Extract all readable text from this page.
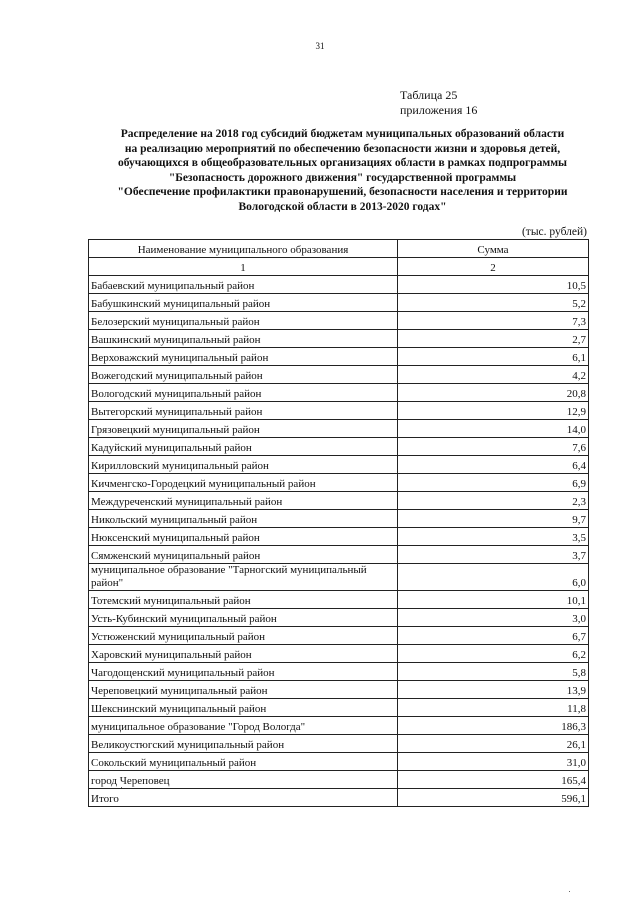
31
Таблица 25
приложения 16
Распределение на 2018 год субсидий бюджетам муниципальных образований области
на реализацию мероприятий по обеспечению безопасности жизни и здоровья детей,
обучающихся в общеобразовательных организациях области в рамках подпрограммы
"Безопасность дорожного движения" государственной программы
"Обеспечение профилактики правонарушений, безопасности населения и территории
Вологодской области в 2013-2020 годах"
(тыс. рублей)
Наименование муниципального образования	Сумма
1	2
Бабаевский муниципальный район	10,5
Бабушкинский муниципальный район	5,2
Белозерский муниципальный район	7,3
Вашкинский муниципальный район	2,7
Верховажский муниципальный район	6,1
Вожегодский муниципальный район	4,2
Вологодский муниципальный район	20,8
Вытегорский муниципальный район	12,9
Грязовецкий муниципальный район	14,0
Кадуйский муниципальный район	7,6
Кирилловский муниципальный район	6,4
Кичменгско-Городецкий муниципальный район	6,9
Междуреченский муниципальный район	2,3
Никольский муниципальный район	9,7
Нюксенский муниципальный район	3,5
Сямженский муниципальный район	3,7
муниципальное образование "Тарногский муниципальный район"	6,0
Тотемский муниципальный район	10,1
Усть-Кубинский муниципальный район	3,0
Устюженский муниципальный район	6,7
Харовский муниципальный район	6,2
Чагодощенский муниципальный район	5,8
Череповецкий муниципальный район	13,9
Шекснинский муниципальный район	11,8
муниципальное образование "Город Вологда"	186,3
Великоустюгский муниципальный район	26,1
Сокольский муниципальный район	31,0
город Череповец	165,4
Итого	596,1
